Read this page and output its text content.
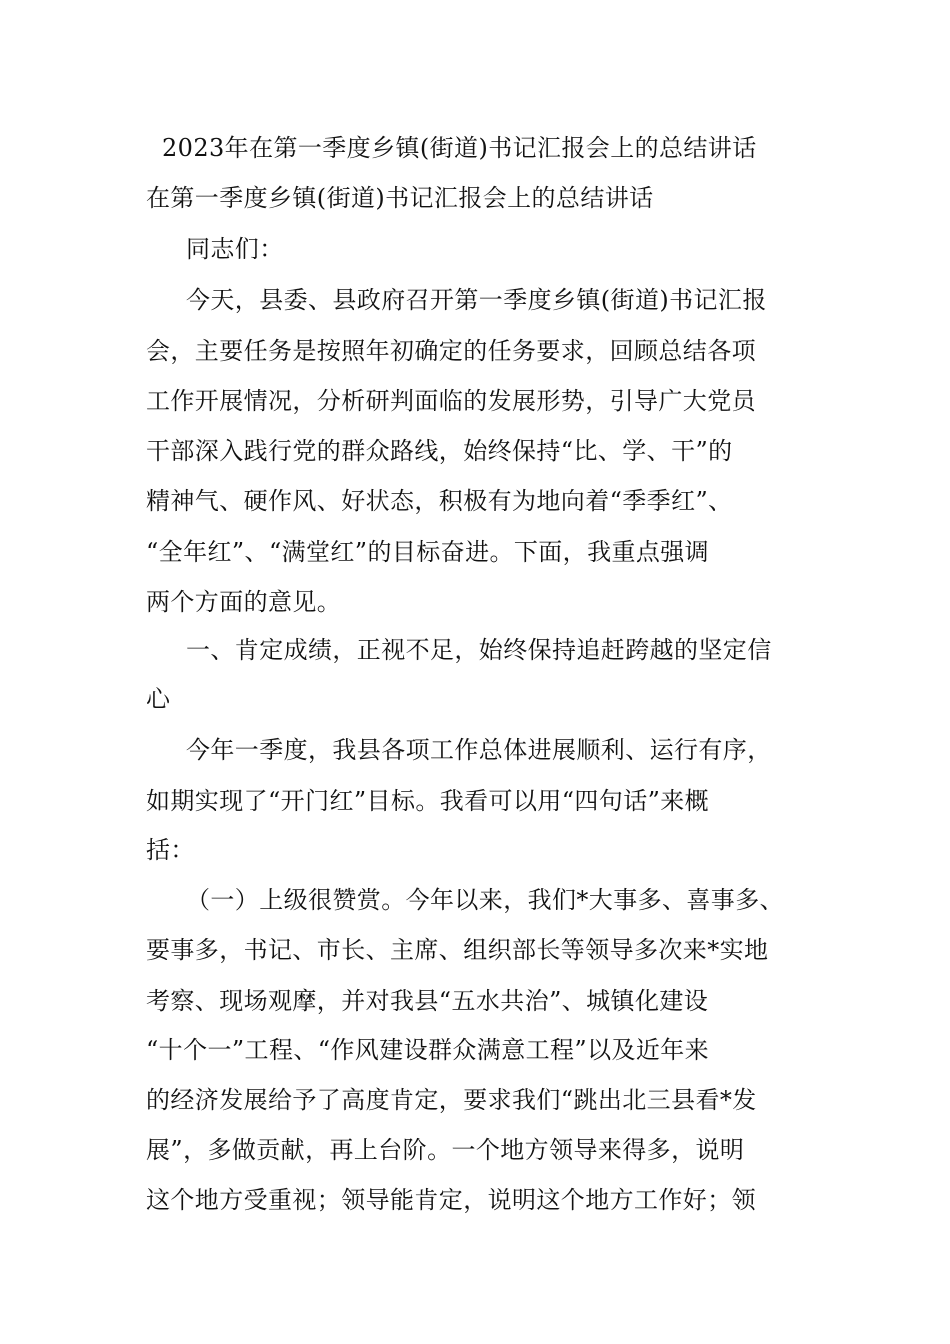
2023年在第一季度乡镇(街道)书记汇报会上的总结讲话
在第一季度乡镇(街道)书记汇报会上的总结讲话
同志们：
今天，县委、县政府召开第一季度乡镇(街道)书记汇报
会，主要任务是按照年初确定的任务要求，回顾总结各项
工作开展情况，分析研判面临的发展形势，引导广大党员
干部深入践行党的群众路线，始终保持“比、学、干”的
精神气、硬作风、好状态，积极有为地向着“季季红”、
“全年红”、“满堂红”的目标奋进。下面，我重点强调
两个方面的意见。
一、肯定成绩，正视不足，始终保持追赶跨越的坚定信
心
今年一季度，我县各项工作总体进展顺利、运行有序，
如期实现了“开门红”目标。我看可以用“四句话”来概
括：
（一）上级很赞赏。今年以来，我们*大事多、喜事多、
要事多，书记、市长、主席、组织部长等领导多次来*实地
考察、现场观摩，并对我县“五水共治”、城镇化建设
“十个一”工程、“作风建设群众满意工程”以及近年来
的经济发展给予了高度肯定，要求我们“跳出北三县看*发
展”，多做贡献，再上台阶。一个地方领导来得多，说明
这个地方受重视；领导能肯定，说明这个地方工作好；领
